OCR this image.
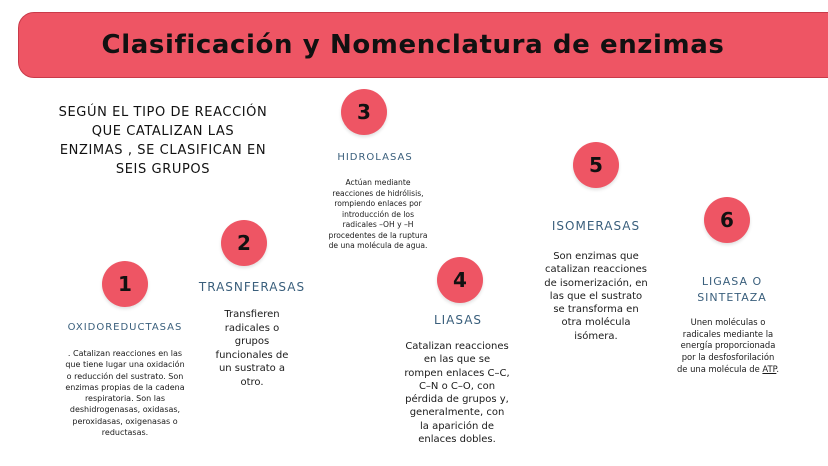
Clasificación y Nomenclatura de enzimas
SEGÚN EL TIPO DE REACCIÓN QUE CATALIZAN LAS ENZIMAS , SE CLASIFICAN EN SEIS GRUPOS
1
OXIDOREDUCTASAS
. Catalizan reacciones en las que tiene lugar una oxidación o reducción del sustrato. Son enzimas propias de la cadena respiratoria. Son las deshidrogenasas, oxidasas, peroxidasas, oxigenasas o reductasas.
2
TRASNFERASAS
Transfieren radicales o grupos funcionales de un sustrato a otro.
3
HIDROLASAS
Actúan mediante reacciones de hidrólisis, rompiendo enlaces por introducción de los radicales –OH y –H procedentes de la ruptura de una molécula de agua.
4
LIASAS
Catalizan reacciones en las que se rompen enlaces C–C, C–N o C–O, con pérdida de grupos y, generalmente, con la aparición de enlaces dobles.
5
ISOMERASAS
Son enzimas que catalizan reacciones de isomerización, en las que el sustrato se transforma en otra molécula isómera.
6
LIGASA O SINTETAZA
Unen moléculas o radicales mediante la energía proporcionada por la desfosforilación de una molécula de ATP.
